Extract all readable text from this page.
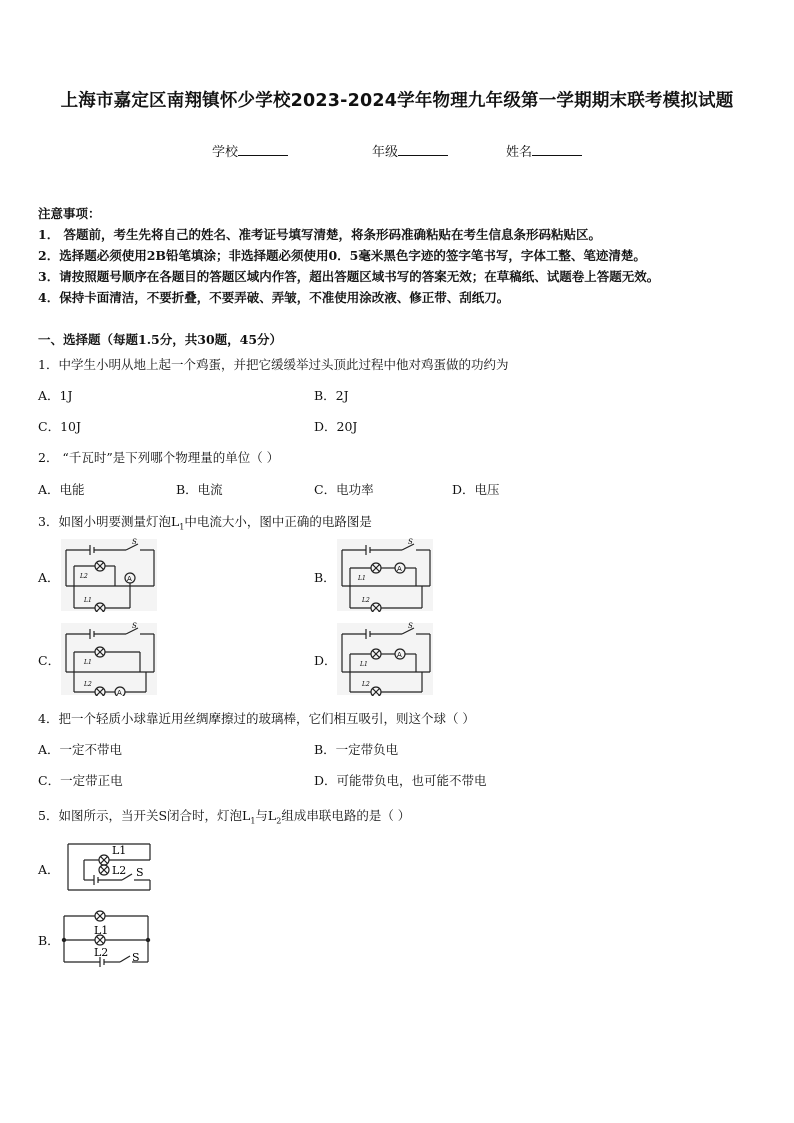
上海市嘉定区南翔镇怀少学校2023-2024学年物理九年级第一学期期末联考模拟试题
学校	年级	姓名
注意事项：
1． 答题前，考生先将自己的姓名、准考证号填写清楚，将条形码准确粘贴在考生信息条形码粘贴区。
2．选择题必须使用2B铅笔填涂；非选择题必须使用0．5毫米黑色字迹的签字笔书写，字体工整、笔迹清楚。
3．请按照题号顺序在各题目的答题区域内作答，超出答题区域书写的答案无效；在草稿纸、试题卷上答题无效。
4．保持卡面清洁，不要折叠，不要弄破、弄皱，不准使用涂改液、修正带、刮纸刀。
一、选择题（每题1.5分，共30题，45分）
1．中学生小明从地上起一个鸡蛋，并把它缓缓举过头顶此过程中他对鸡蛋做的功约为
A．1J	B．2J
C．10J	D．20J
2． “千瓦时”是下列哪个物理量的单位（ ）
A．电能	B．电流	C．电功率	D．电压
3．如图小明要测量灯泡$L_1$中电流大小，图中正确的电路图是
A．
S
A
L2
L1
B．
S
A
L1
L2
C．
S
A
L1
L2
D．
S
A
L1
L2
4．把一个轻质小球靠近用丝绸摩擦过的玻璃棒，它们相互吸引，则这个球（ ）
A．一定不带电	B．一定带负电
C．一定带正电	D．可能带负电，也可能不带电
5．如图所示，当开关S闭合时，灯泡$L_1$与$L_2$组成串联电路的是（ ）
A．
L1
L2 S
B．
L1
L2 S
